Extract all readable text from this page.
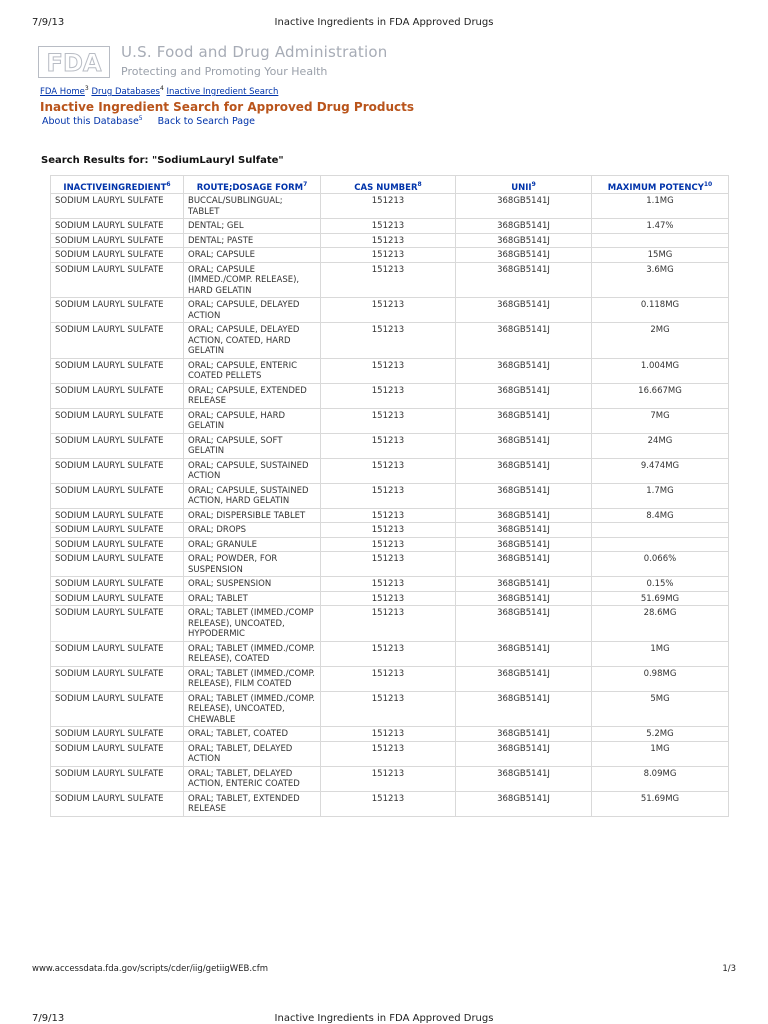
7/9/13	Inactive Ingredients in FDA Approved Drugs
FDA U.S. Food and Drug Administration
Protecting and Promoting Your Health
FDA Home$^3$ Drug Databases$^4$ Inactive Ingredient Search
Inactive Ingredient Search for Approved Drug Products
About this Database$^5$ Back to Search Page
Search Results for: "SodiumLauryl Sulfate"
INACTIVEINGREDIENT$^6$	ROUTE;DOSAGE FORM$^7$	CAS NUMBER$^8$	UNII$^9$	MAXIMUM POTENCY$^{10}$
SODIUM LAURYL SULFATE	BUCCAL/SUBLINGUAL; TABLET	151213	368GB5141J	1.1MG
SODIUM LAURYL SULFATE	DENTAL; GEL	151213	368GB5141J	1.47%
SODIUM LAURYL SULFATE	DENTAL; PASTE	151213	368GB5141J	
SODIUM LAURYL SULFATE	ORAL; CAPSULE	151213	368GB5141J	15MG
SODIUM LAURYL SULFATE	ORAL; CAPSULE (IMMED./COMP. RELEASE), HARD GELATIN	151213	368GB5141J	3.6MG
SODIUM LAURYL SULFATE	ORAL; CAPSULE, DELAYED ACTION	151213	368GB5141J	0.118MG
SODIUM LAURYL SULFATE	ORAL; CAPSULE, DELAYED ACTION, COATED, HARD GELATIN	151213	368GB5141J	2MG
SODIUM LAURYL SULFATE	ORAL; CAPSULE, ENTERIC COATED PELLETS	151213	368GB5141J	1.004MG
SODIUM LAURYL SULFATE	ORAL; CAPSULE, EXTENDED RELEASE	151213	368GB5141J	16.667MG
SODIUM LAURYL SULFATE	ORAL; CAPSULE, HARD GELATIN	151213	368GB5141J	7MG
SODIUM LAURYL SULFATE	ORAL; CAPSULE, SOFT GELATIN	151213	368GB5141J	24MG
SODIUM LAURYL SULFATE	ORAL; CAPSULE, SUSTAINED ACTION	151213	368GB5141J	9.474MG
SODIUM LAURYL SULFATE	ORAL; CAPSULE, SUSTAINED ACTION, HARD GELATIN	151213	368GB5141J	1.7MG
SODIUM LAURYL SULFATE	ORAL; DISPERSIBLE TABLET	151213	368GB5141J	8.4MG
SODIUM LAURYL SULFATE	ORAL; DROPS	151213	368GB5141J	
SODIUM LAURYL SULFATE	ORAL; GRANULE	151213	368GB5141J	
SODIUM LAURYL SULFATE	ORAL; POWDER, FOR SUSPENSION	151213	368GB5141J	0.066%
SODIUM LAURYL SULFATE	ORAL; SUSPENSION	151213	368GB5141J	0.15%
SODIUM LAURYL SULFATE	ORAL; TABLET	151213	368GB5141J	51.69MG
SODIUM LAURYL SULFATE	ORAL; TABLET (IMMED./COMP RELEASE), UNCOATED, HYPODERMIC	151213	368GB5141J	28.6MG
SODIUM LAURYL SULFATE	ORAL; TABLET (IMMED./COMP. RELEASE), COATED	151213	368GB5141J	1MG
SODIUM LAURYL SULFATE	ORAL; TABLET (IMMED./COMP. RELEASE), FILM COATED	151213	368GB5141J	0.98MG
SODIUM LAURYL SULFATE	ORAL; TABLET (IMMED./COMP. RELEASE), UNCOATED, CHEWABLE	151213	368GB5141J	5MG
SODIUM LAURYL SULFATE	ORAL; TABLET, COATED	151213	368GB5141J	5.2MG
SODIUM LAURYL SULFATE	ORAL; TABLET, DELAYED ACTION	151213	368GB5141J	1MG
SODIUM LAURYL SULFATE	ORAL; TABLET, DELAYED ACTION, ENTERIC COATED	151213	368GB5141J	8.09MG
SODIUM LAURYL SULFATE	ORAL; TABLET, EXTENDED RELEASE	151213	368GB5141J	51.69MG
www.accessdata.fda.gov/scripts/cder/iig/getiigWEB.cfm	1/3
7/9/13	Inactive Ingredients in FDA Approved Drugs
